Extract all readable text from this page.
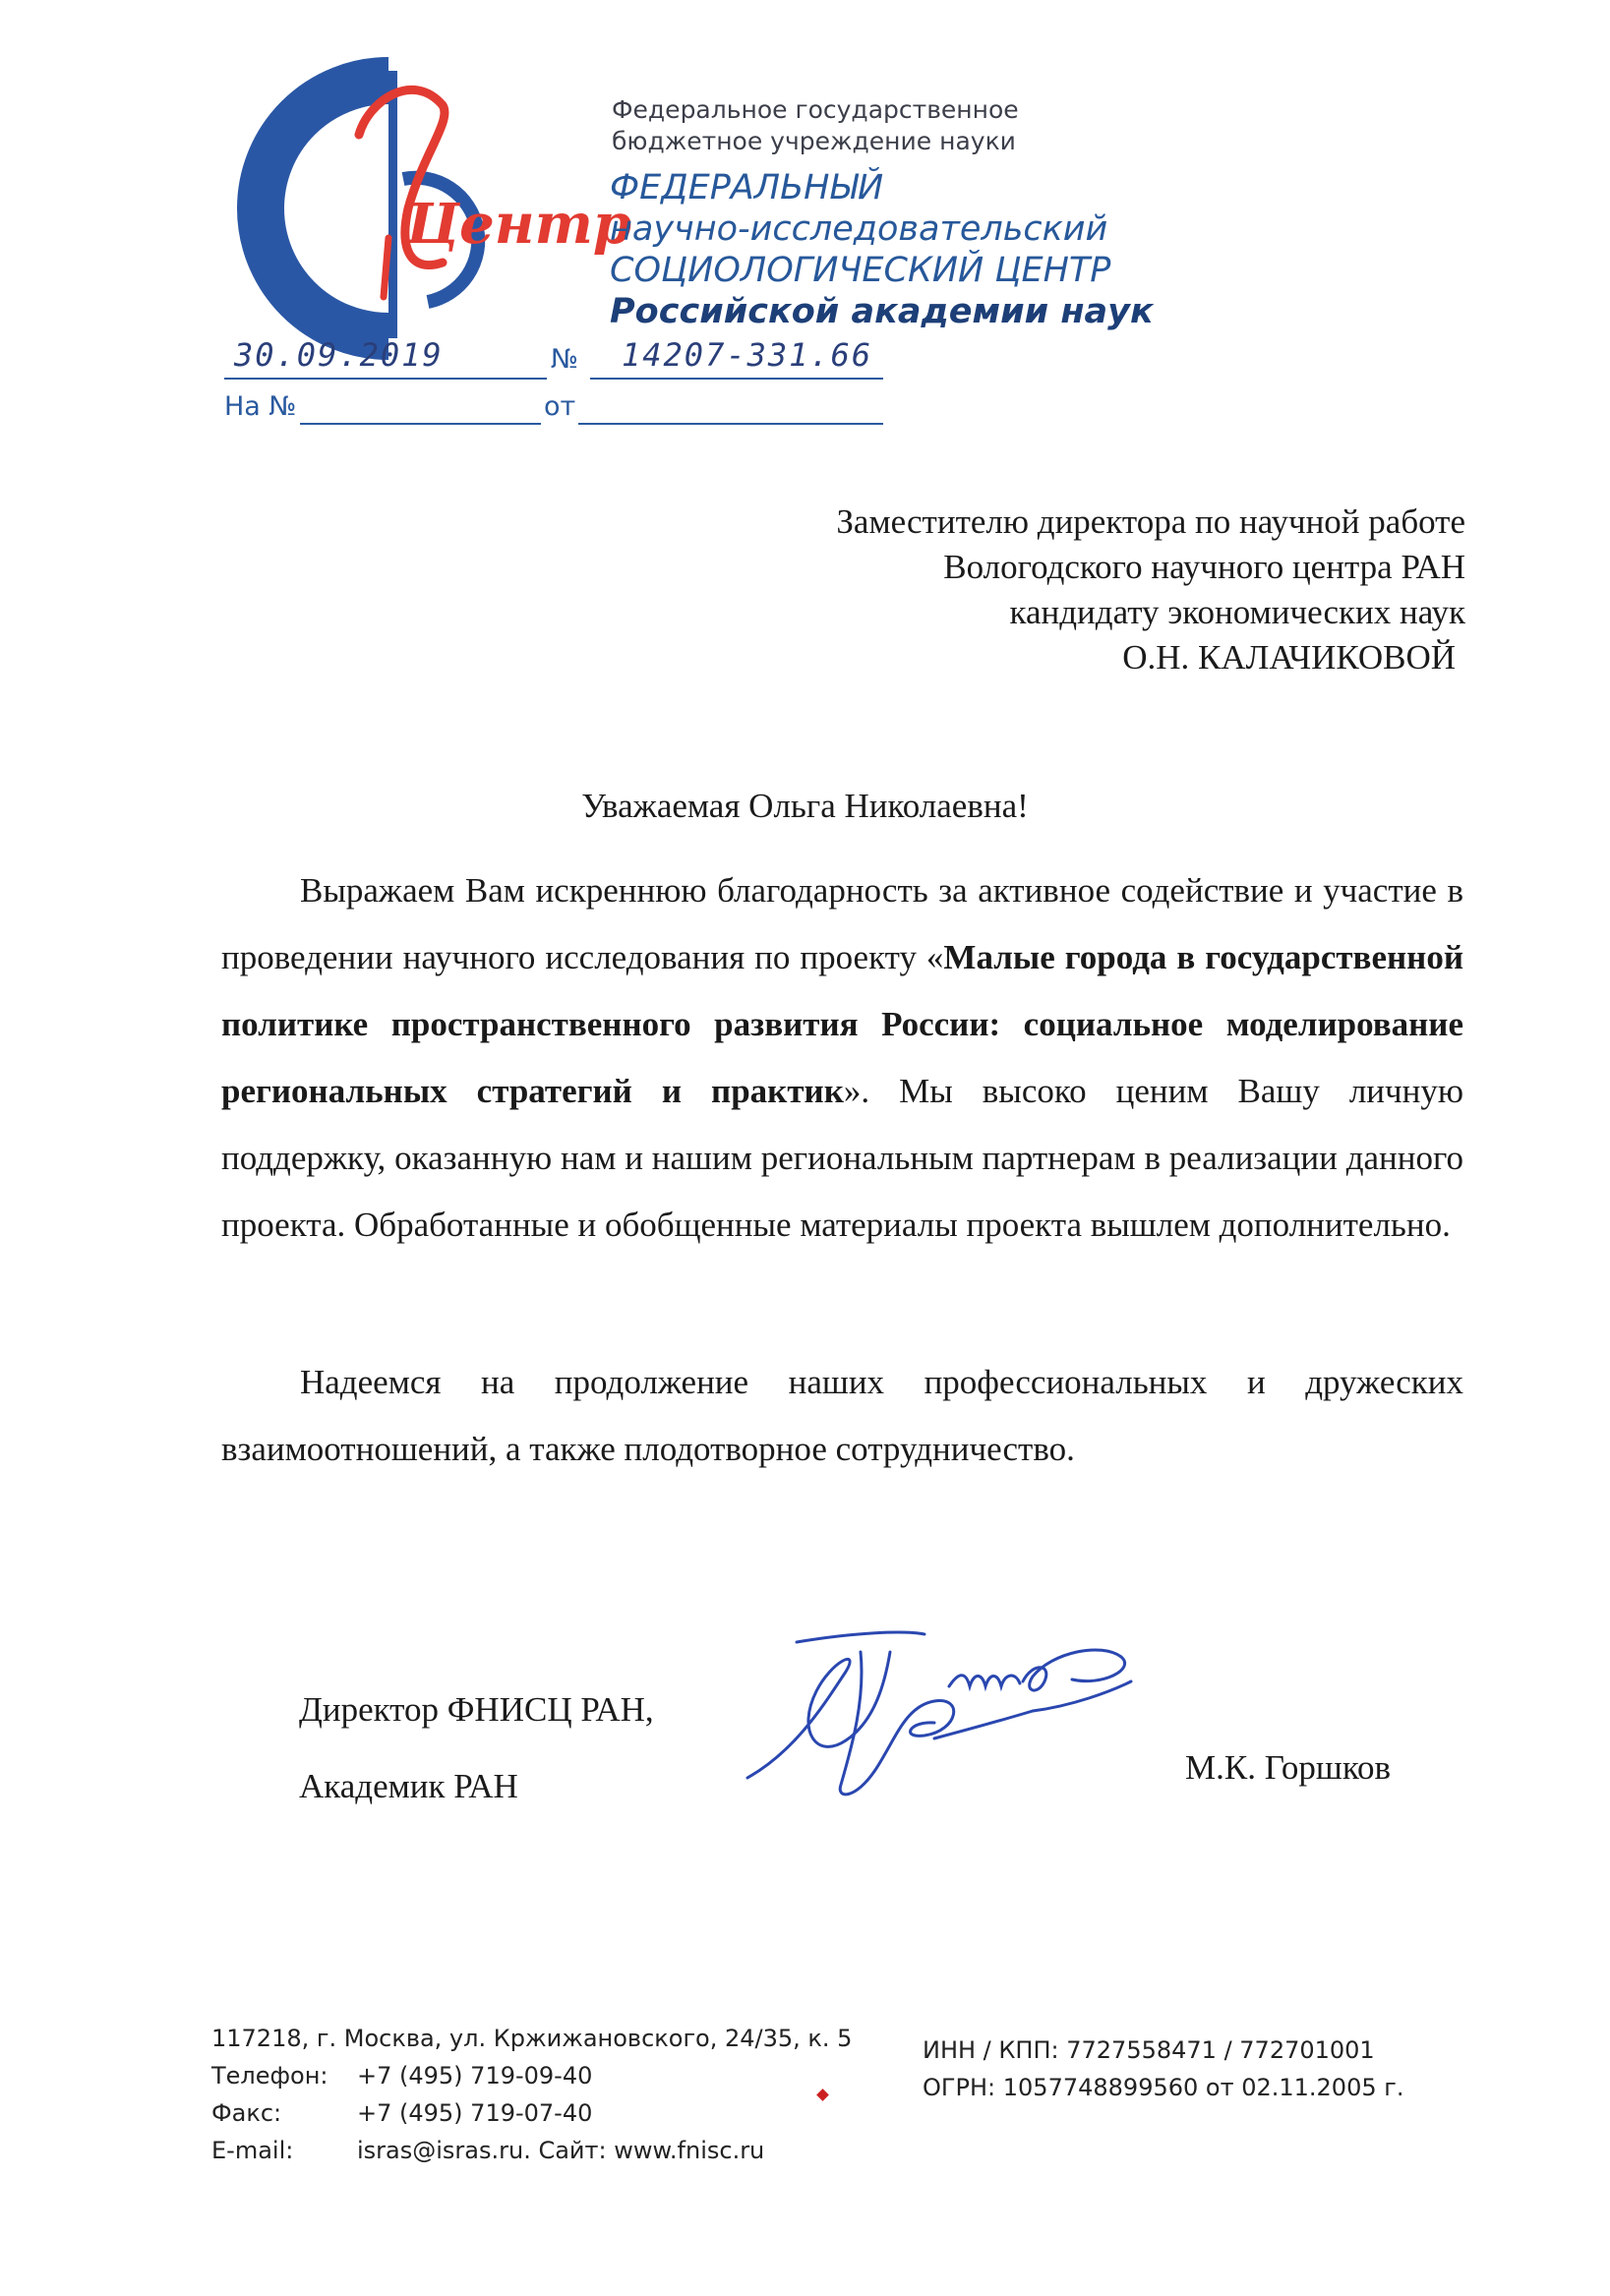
Центр
Федеральное государственное
бюджетное учреждение науки
ФЕДЕРАЛЬНЫЙ
научно-исследовательский
СОЦИОЛОГИЧЕСКИЙ ЦЕНТР
Российской академии наук
30.09.2019	№ 14207-331.66
На №	от
Заместителю директора по научной работе
Вологодского научного центра РАН
кандидату экономических наук
О.Н. КАЛАЧИКОВОЙ
Уважаемая Ольга Николаевна!
Выражаем Вам искреннюю благодарность за активное содействие и участие в проведении научного исследования по проекту «Малые города в государственной политике пространственного развития России: социальное моделирование региональных стратегий и практик». Мы высоко ценим Вашу личную поддержку, оказанную нам и нашим региональным партнерам в реализации данного проекта. Обработанные и обобщенные материалы проекта вышлем дополнительно.
Надеемся на продолжение наших профессиональных и дружеских взаимоотношений, а также плодотворное сотрудничество.
Директор ФНИСЦ РАН,
Академик РАН	М.К. Горшков
117218, г. Москва, ул. Кржижановского, 24/35, к. 5
Телефон: +7 (495) 719-09-40
Факс:	+7 (495) 719-07-40
E-mail:	isras@isras.ru. Сайт: www.fnisc.ru
ИНН / КПП: 7727558471 / 772701001
ОГРН: 1057748899560 от 02.11.2005 г.
